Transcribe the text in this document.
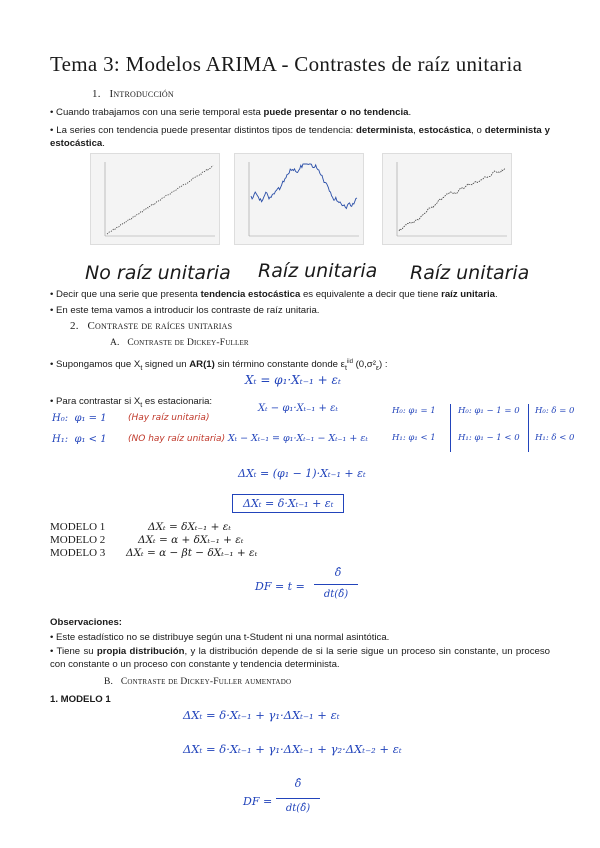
Tema 3: Modelos ARIMA - Contrastes de raíz unitaria
1. Introducción
• Cuando trabajamos con una serie temporal esta puede presentar o no tendencia.
• La series con tendencia puede presentar distintos tipos de tendencia: determinista, estocástica, o determinista y estocástica.
No raíz unitaria Raíz unitaria Raíz unitaria
• Decir que una serie que presenta tendencia estocástica es equivalente a decir que tiene raíz unitaria.
• En este tema vamos a introducir los contraste de raíz unitaria.
2. Contraste de raíces unitarias
A. Contraste de Dickey-Fuller
• Supongamos que $X_t$ signed un AR(1) sin término constante donde $\varepsilon_t^{iid}$ $(0,\sigma^2_\varepsilon)$ :
Xₜ = φ₁·Xₜ₋₁ + εₜ
• Para contrastar si $X_t$ es estacionaria:
H₀: φ₁ = 1 (Hay raíz unitaria)
H₁: φ₁ < 1 (NO hay raíz unitaria)
Xₜ − φ₁·Xₜ₋₁ + εₜ
Xₜ − Xₜ₋₁ = φ₁·Xₜ₋₁ − Xₜ₋₁ + εₜ
H₀: φ₁ = 1
H₁: φ₁ < 1
H₀: φ₁ − 1 = 0
H₁: φ₁ − 1 < 0
H₀: δ = 0
H₁: δ < 0
ΔXₜ = (φ₁ − 1)·Xₜ₋₁ + εₜ
ΔXₜ = δ·Xₜ₋₁ + εₜ
MODELO 1	ΔXₜ = δXₜ₋₁ + εₜ
MODELO 2	ΔXₜ = α + δXₜ₋₁ + εₜ
MODELO 3 ΔXₜ = α − βt − δXₜ₋₁ + εₜ
DF = t =
δ̂
dt(δ̂)
Observaciones:
• Este estadístico no se distribuye según una t-Student ni una normal asintótica.
• Tiene su propia distribución, y la distribución depende de si la serie sigue un proceso sin constante, un proceso con constante o un proceso con constante y tendencia determinista.
B. Contraste de Dickey-Fuller aumentado
1. MODELO 1
ΔXₜ = δ·Xₜ₋₁ + γ₁·ΔXₜ₋₁ + εₜ
ΔXₜ = δ·Xₜ₋₁ + γ₁·ΔXₜ₋₁ + γ₂·ΔXₜ₋₂ + εₜ
DF =
δ̂
dt(δ̂)
